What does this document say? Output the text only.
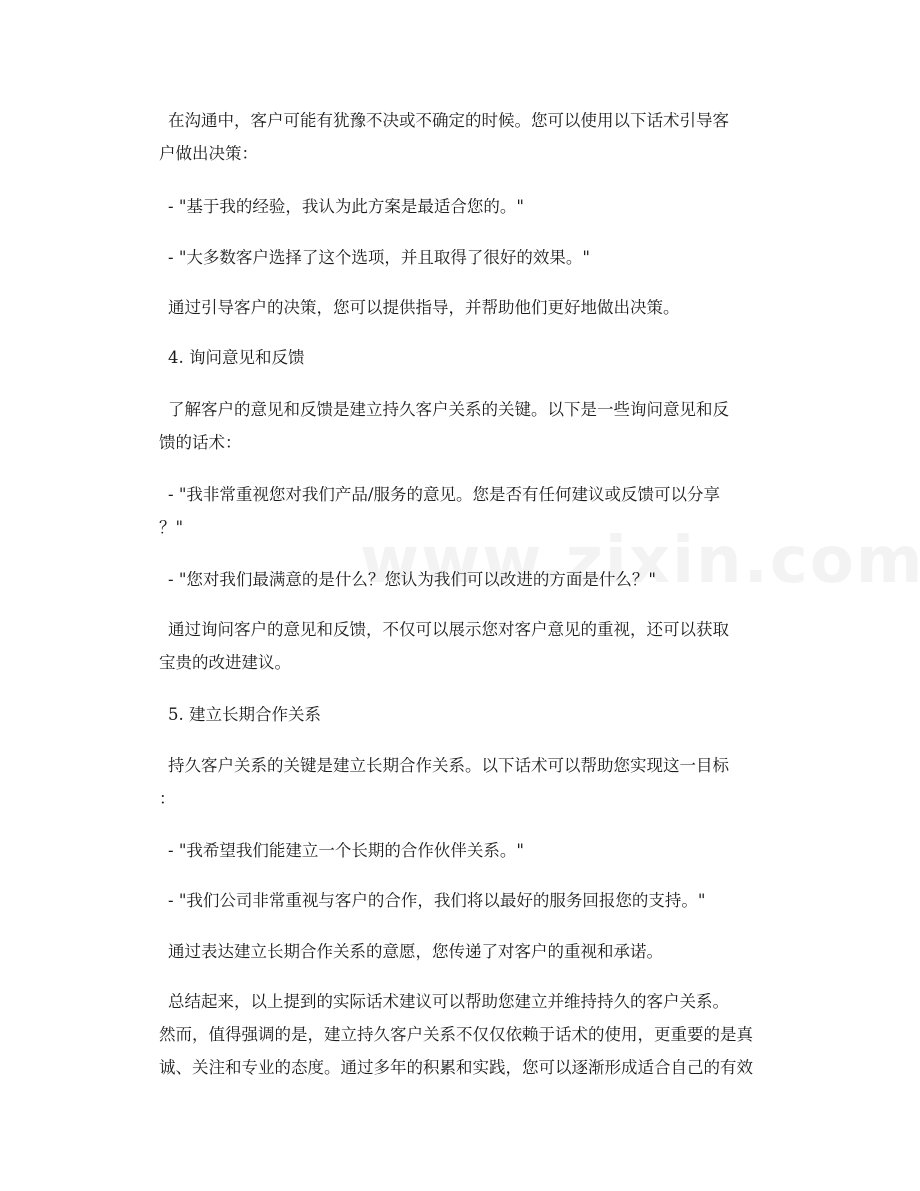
在沟通中，客户可能有犹豫不决或不确定的时候。您可以使用以下话术引导客
户做出决策：

- "基于我的经验，我认为此方案是最适合您的。"

- "大多数客户选择了这个选项，并且取得了很好的效果。"

通过引导客户的决策，您可以提供指导，并帮助他们更好地做出决策。

4. 询问意见和反馈

了解客户的意见和反馈是建立持久客户关系的关键。以下是一些询问意见和反
馈的话术：

- "我非常重视您对我们产品/服务的意见。您是否有任何建议或反馈可以分享
？"

- "您对我们最满意的是什么？您认为我们可以改进的方面是什么？"

通过询问客户的意见和反馈，不仅可以展示您对客户意见的重视，还可以获取
宝贵的改进建议。

5. 建立长期合作关系

持久客户关系的关键是建立长期合作关系。以下话术可以帮助您实现这一目标
：

- "我希望我们能建立一个长期的合作伙伴关系。"

- "我们公司非常重视与客户的合作，我们将以最好的服务回报您的支持。"

通过表达建立长期合作关系的意愿，您传递了对客户的重视和承诺。

总结起来，以上提到的实际话术建议可以帮助您建立并维持持久的客户关系。
然而，值得强调的是，建立持久客户关系不仅仅依赖于话术的使用，更重要的是真
诚、关注和专业的态度。通过多年的积累和实践，您可以逐渐形成适合自己的有效
